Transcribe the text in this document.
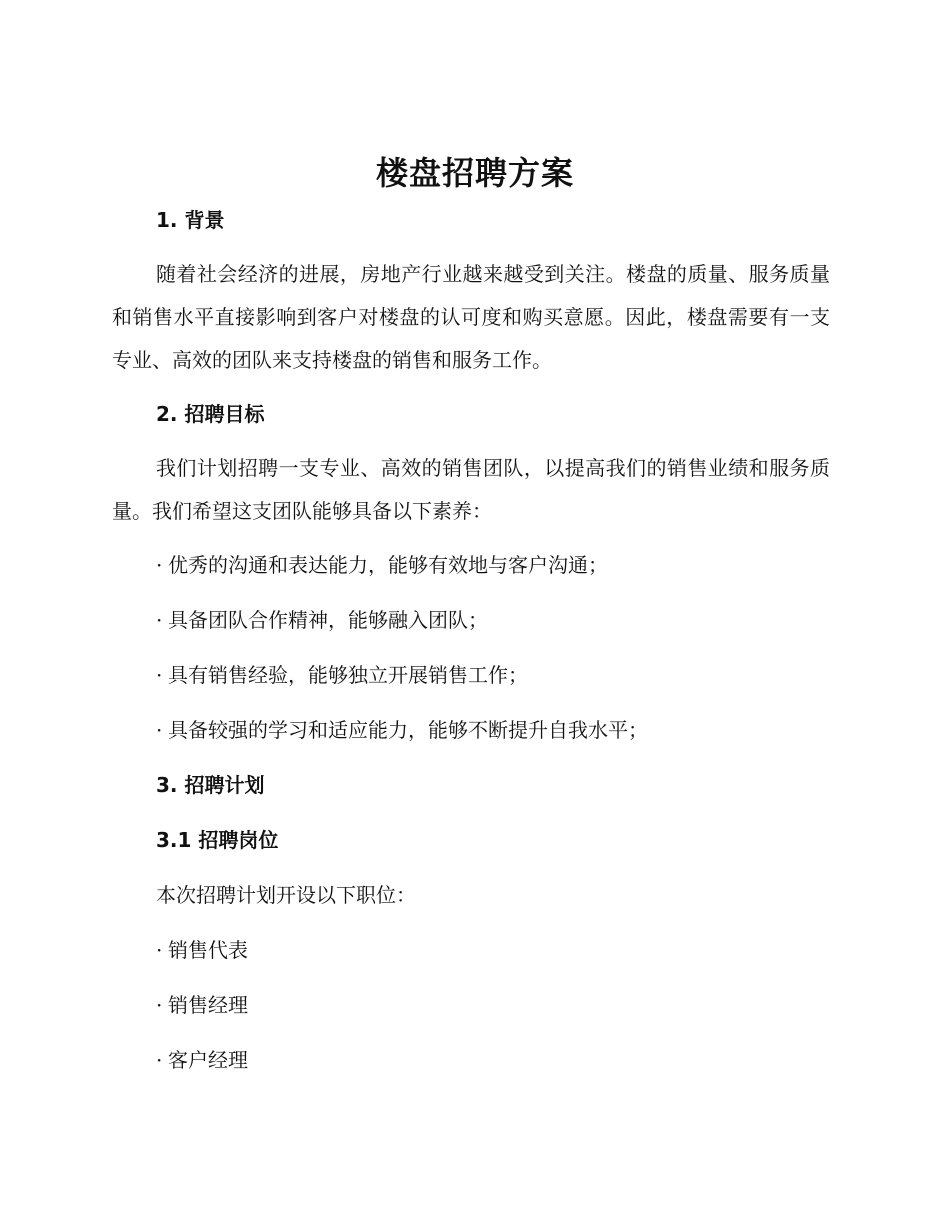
楼盘招聘方案
1. 背景

随着社会经济的进展，房地产行业越来越受到关注。楼盘的质量、服务质量和销售水平直接影响到客户对楼盘的认可度和购买意愿。因此，楼盘需要有一支专业、高效的团队来支持楼盘的销售和服务工作。

2. 招聘目标

我们计划招聘一支专业、高效的销售团队，以提高我们的销售业绩和服务质量。我们希望这支团队能够具备以下素养：

· 优秀的沟通和表达能力，能够有效地与客户沟通；
· 具备团队合作精神，能够融入团队；
· 具有销售经验，能够独立开展销售工作；
· 具备较强的学习和适应能力，能够不断提升自我水平；
3. 招聘计划
3.1 招聘岗位

本次招聘计划开设以下职位：

· 销售代表
· 销售经理
· 客户经理
